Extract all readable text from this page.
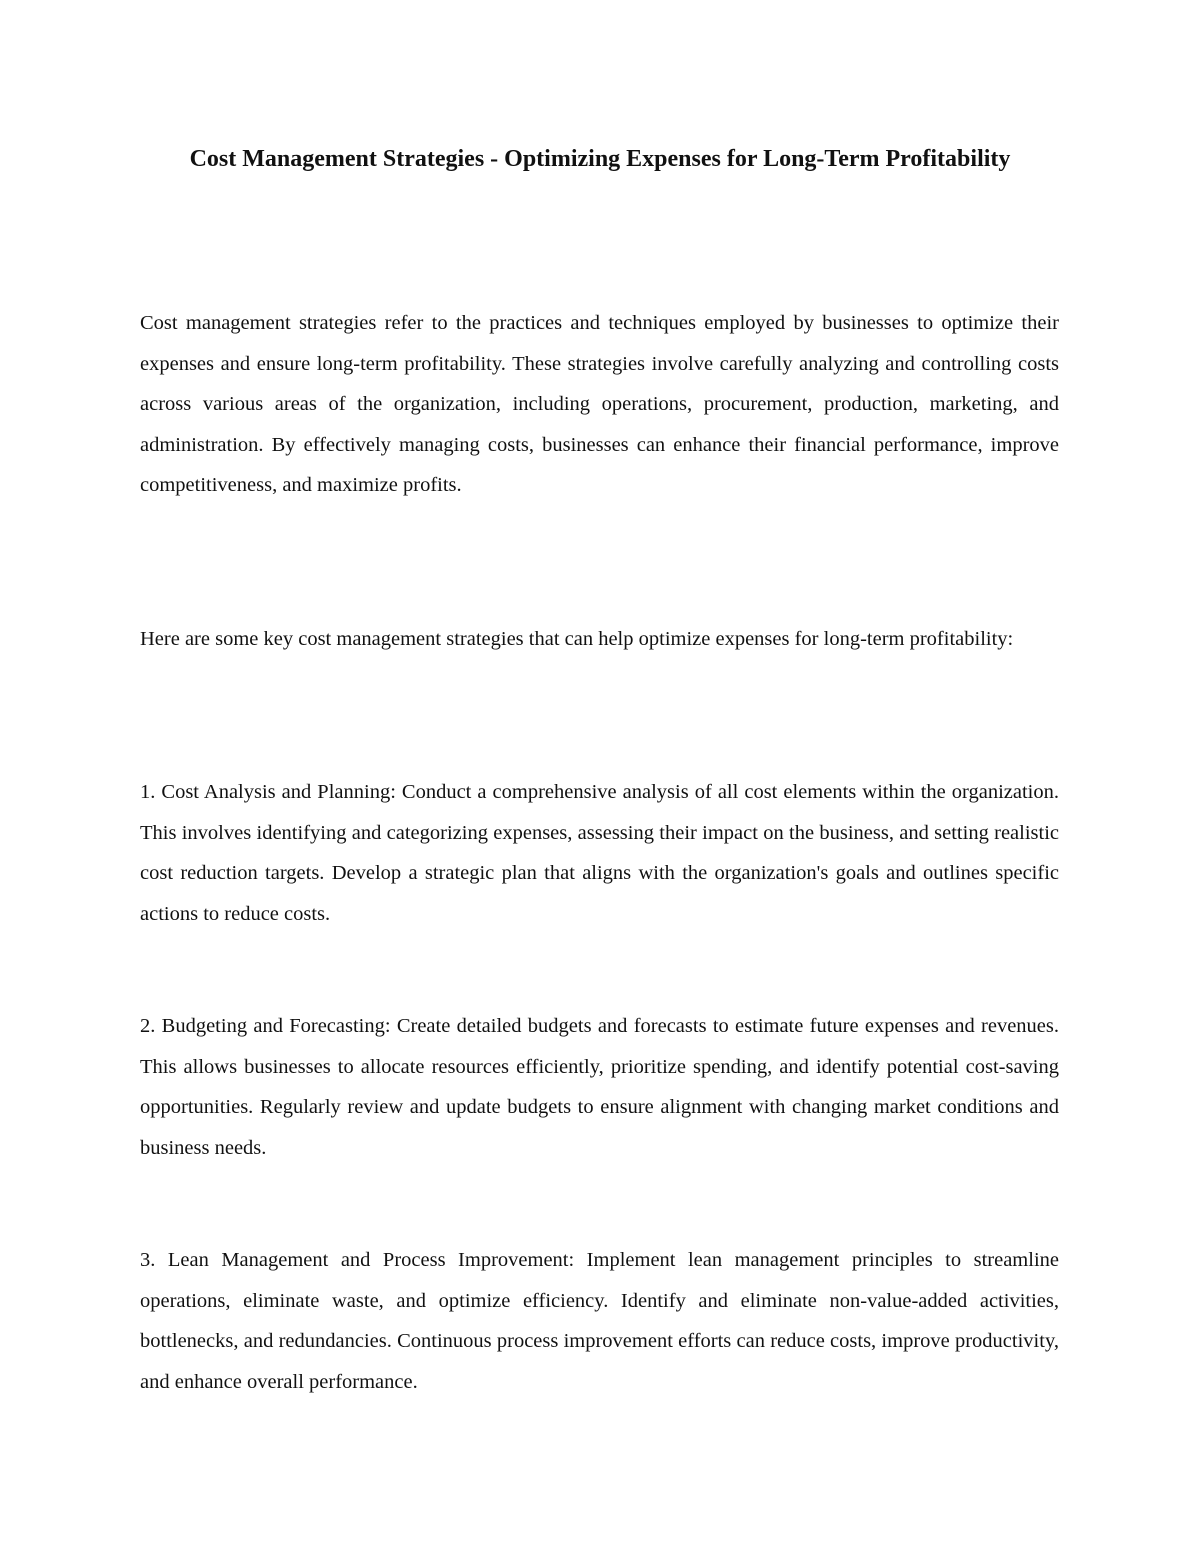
Cost Management Strategies - Optimizing Expenses for Long-Term Profitability

Cost management strategies refer to the practices and techniques employed by businesses to optimize their expenses and ensure long-term profitability. These strategies involve carefully analyzing and controlling costs across various areas of the organization, including operations, procurement, production, marketing, and administration. By effectively managing costs, businesses can enhance their financial performance, improve competitiveness, and maximize profits.

Here are some key cost management strategies that can help optimize expenses for long-term profitability:

1. Cost Analysis and Planning: Conduct a comprehensive analysis of all cost elements within the organization. This involves identifying and categorizing expenses, assessing their impact on the business, and setting realistic cost reduction targets. Develop a strategic plan that aligns with the organization's goals and outlines specific actions to reduce costs.

2. Budgeting and Forecasting: Create detailed budgets and forecasts to estimate future expenses and revenues. This allows businesses to allocate resources efficiently, prioritize spending, and identify potential cost-saving opportunities. Regularly review and update budgets to ensure alignment with changing market conditions and business needs.

3. Lean Management and Process Improvement: Implement lean management principles to streamline operations, eliminate waste, and optimize efficiency. Identify and eliminate non-value-added activities, bottlenecks, and redundancies. Continuous process improvement efforts can reduce costs, improve productivity, and enhance overall performance.
